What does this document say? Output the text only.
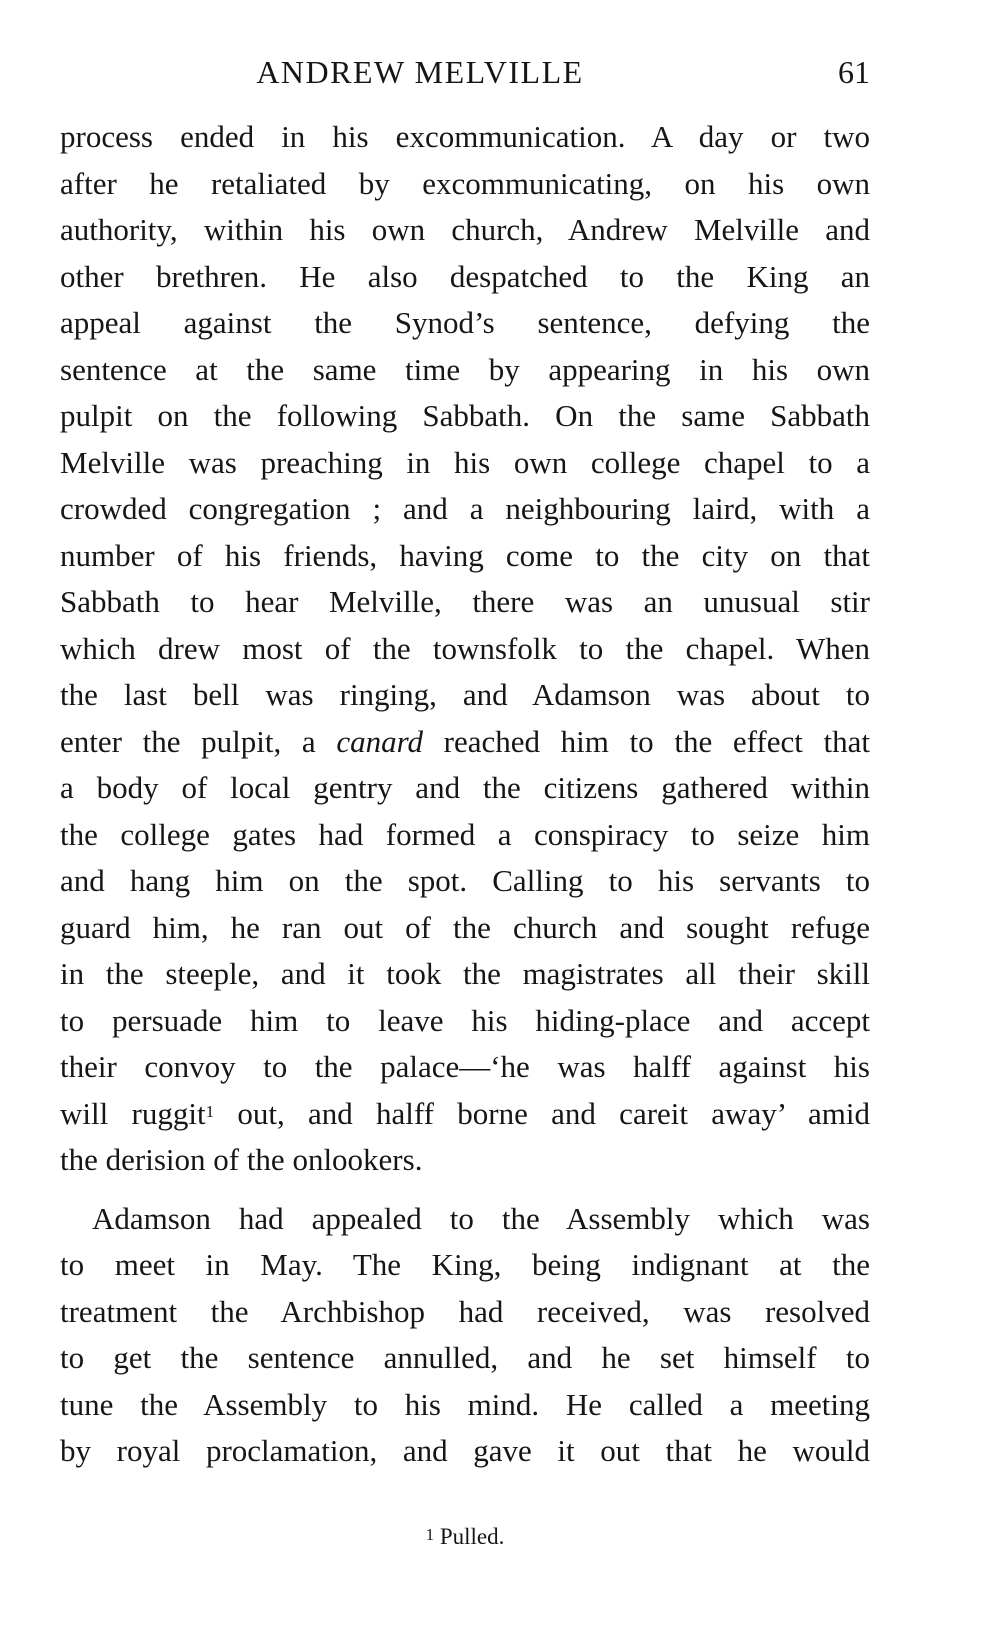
ANDREW MELVILLE	61
process ended in his excommunication. A day or two
after he retaliated by excommunicating, on his own
authority, within his own church, Andrew Melville and
other brethren. He also despatched to the King an
appeal against the Synod’s sentence, defying the
sentence at the same time by appearing in his own
pulpit on the following Sabbath. On the same Sabbath
Melville was preaching in his own college chapel to a
crowded congregation ; and a neighbouring laird, with a
number of his friends, having come to the city on that
Sabbath to hear Melville, there was an unusual stir
which drew most of the townsfolk to the chapel. When
the last bell was ringing, and Adamson was about to
enter the pulpit, a canard reached him to the effect that
a body of local gentry and the citizens gathered within
the college gates had formed a conspiracy to seize him
and hang him on the spot. Calling to his servants to
guard him, he ran out of the church and sought refuge
in the steeple, and it took the magistrates all their skill
to persuade him to leave his hiding-place and accept
their convoy to the palace—‘he was halff against his
will ruggit$^1$ out, and halff borne and careit away’ amid
the derision of the onlookers.
Adamson had appealed to the Assembly which was
to meet in May. The King, being indignant at the
treatment the Archbishop had received, was resolved
to get the sentence annulled, and he set himself to
tune the Assembly to his mind. He called a meeting
by royal proclamation, and gave it out that he would
$^1$ Pulled.
